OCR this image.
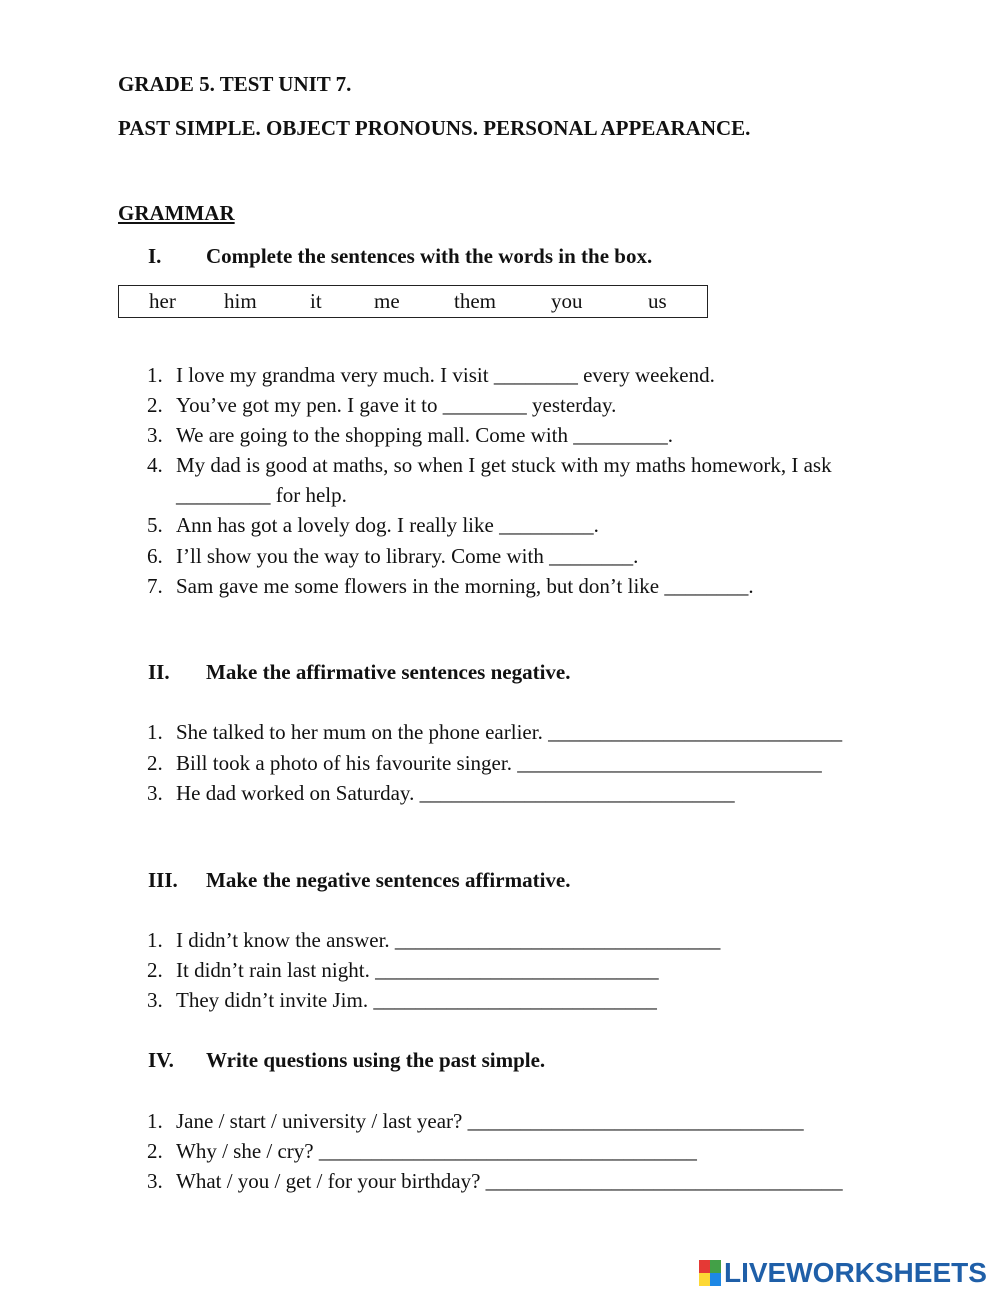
GRADE 5. TEST UNIT 7.
PAST SIMPLE. OBJECT PRONOUNS. PERSONAL APPEARANCE.
GRAMMAR
I. Complete the sentences with the words in the box.
her him	it me	them	you	us
1. I love my grandma very much. I visit ________ every weekend.
2. You’ve got my pen. I gave it to ________ yesterday.
3. We are going to the shopping mall. Come with _________.
4. My dad is good at maths, so when I get stuck with my maths homework, I ask
_________ for help.
5. Ann has got a lovely dog. I really like _________.
6. I’ll show you the way to library. Come with ________.
7. Sam gave me some flowers in the morning, but don’t like ________.
II. Make the affirmative sentences negative.
1. She talked to her mum on the phone earlier. ____________________________
2. Bill took a photo of his favourite singer. _____________________________
3. He dad worked on Saturday. ______________________________
III. Make the negative sentences affirmative.
1. I didn’t know the answer. _______________________________
2. It didn’t rain last night. ___________________________
3. They didn’t invite Jim. ___________________________
IV. Write questions using the past simple.
1. Jane / start / university / last year? ________________________________
2. Why / she / cry? ____________________________________
3. What / you / get / for your birthday? __________________________________
LIVEWORKSHEETS
